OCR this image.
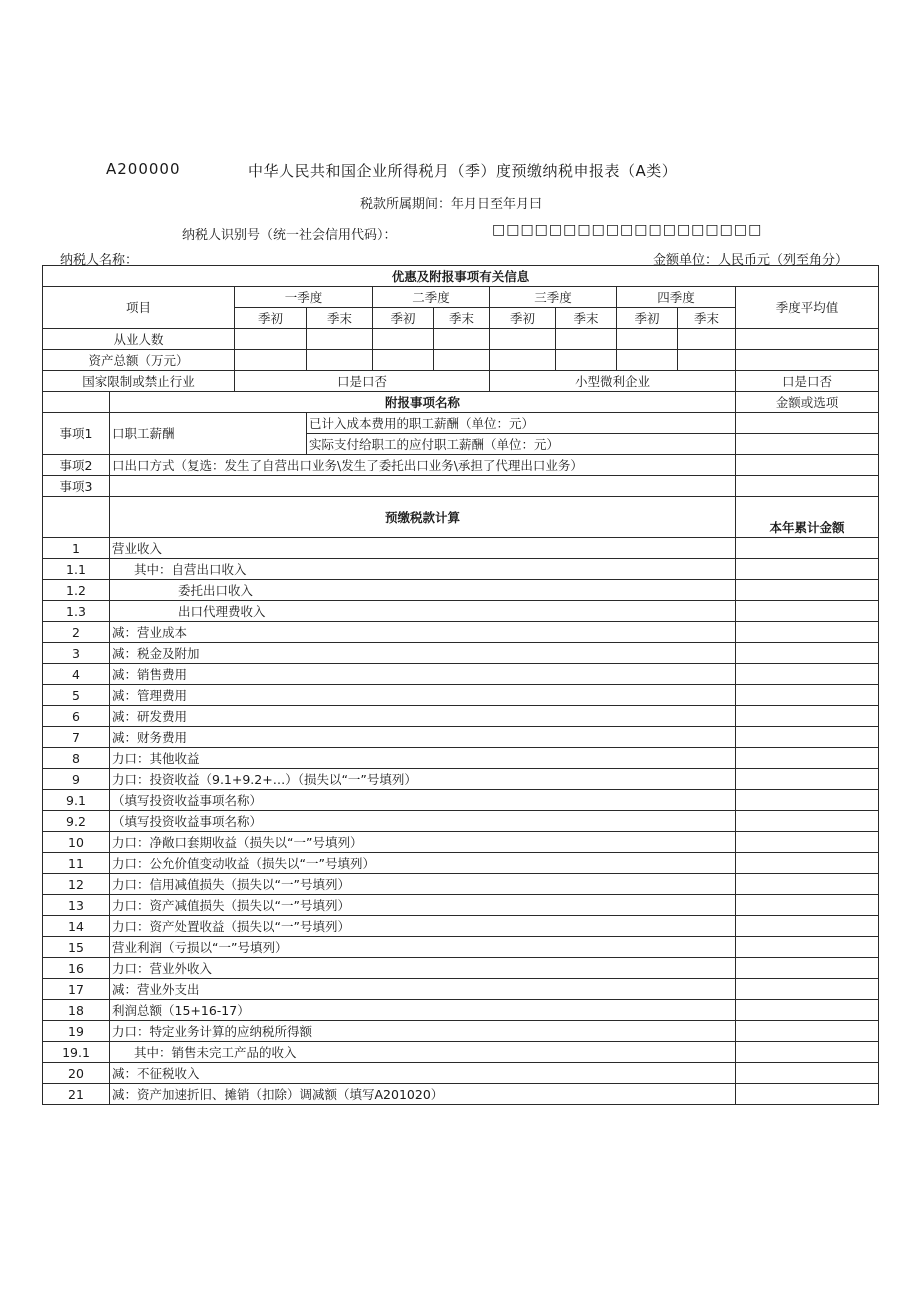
A200000	中华人民共和国企业所得税月（季）度预缴纳税申报表（A类）
税款所属期间：年月日至年月曰
纳税人识别号（统一社会信用代码）：	□□□□□□□□□□□□□□□□□□□
纳税人名称：	金额单位：人民币元（列至角分）
优惠及附报事项有关信息										
项目		一季度		二季度		三季度		四季度		季度平均值
		季初	季末	季初	季末	季初	季末	季初	季末	
从业人数										
资产总额（万元）										
国家限制或禁止行业		口是口否				小型微利企业				口是口否
	附报事项名称									金额或选项
事项1	口职工薪酬		已计入成本费用的职工薪酬（单位：元）							
			实际支付给职工的应付职工薪酬（单位：元）							
事项2	口出口方式（复选：发生了自营出口业务\发生了委托出口业务\承担了代理出口业务）									
事项3										
	预缴税款计算									本年累计金额
1	营业收入									
1.1	其中：自营出口收入									
1.2	委托出口收入									
1.3	出口代理费收入									
2	减：营业成本									
3	减：税金及附加									
4	减：销售费用									
5	减：管理费用									
6	减：研发费用									
7	减：财务费用									
8	力口：其他收益									
9	力口：投资收益（9.1+9.2+…）（损失以“一”号填列）									
9.1	（填写投资收益事项名称）									
9.2	（填写投资收益事项名称）									
10	力口：净敞口套期收益（损失以“一”号填列）									
11	力口：公允价值变动收益（损失以“一”号填列）									
12	力口：信用减值损失（损失以“一”号填列）									
13	力口：资产减值损失（损失以“一”号填列）									
14	力口：资产处置收益（损失以“一”号填列）									
15	营业利润（亏损以“一”号填列）									
16	力口：营业外收入									
17	减：营业外支出									
18	利润总额（15+16-17）									
19	力口：特定业务计算的应纳税所得额									
19.1	其中：销售未完工产品的收入									
20	减：不征税收入									
21	减：资产加速折旧、摊销（扣除）调减额（填写A201020）									
